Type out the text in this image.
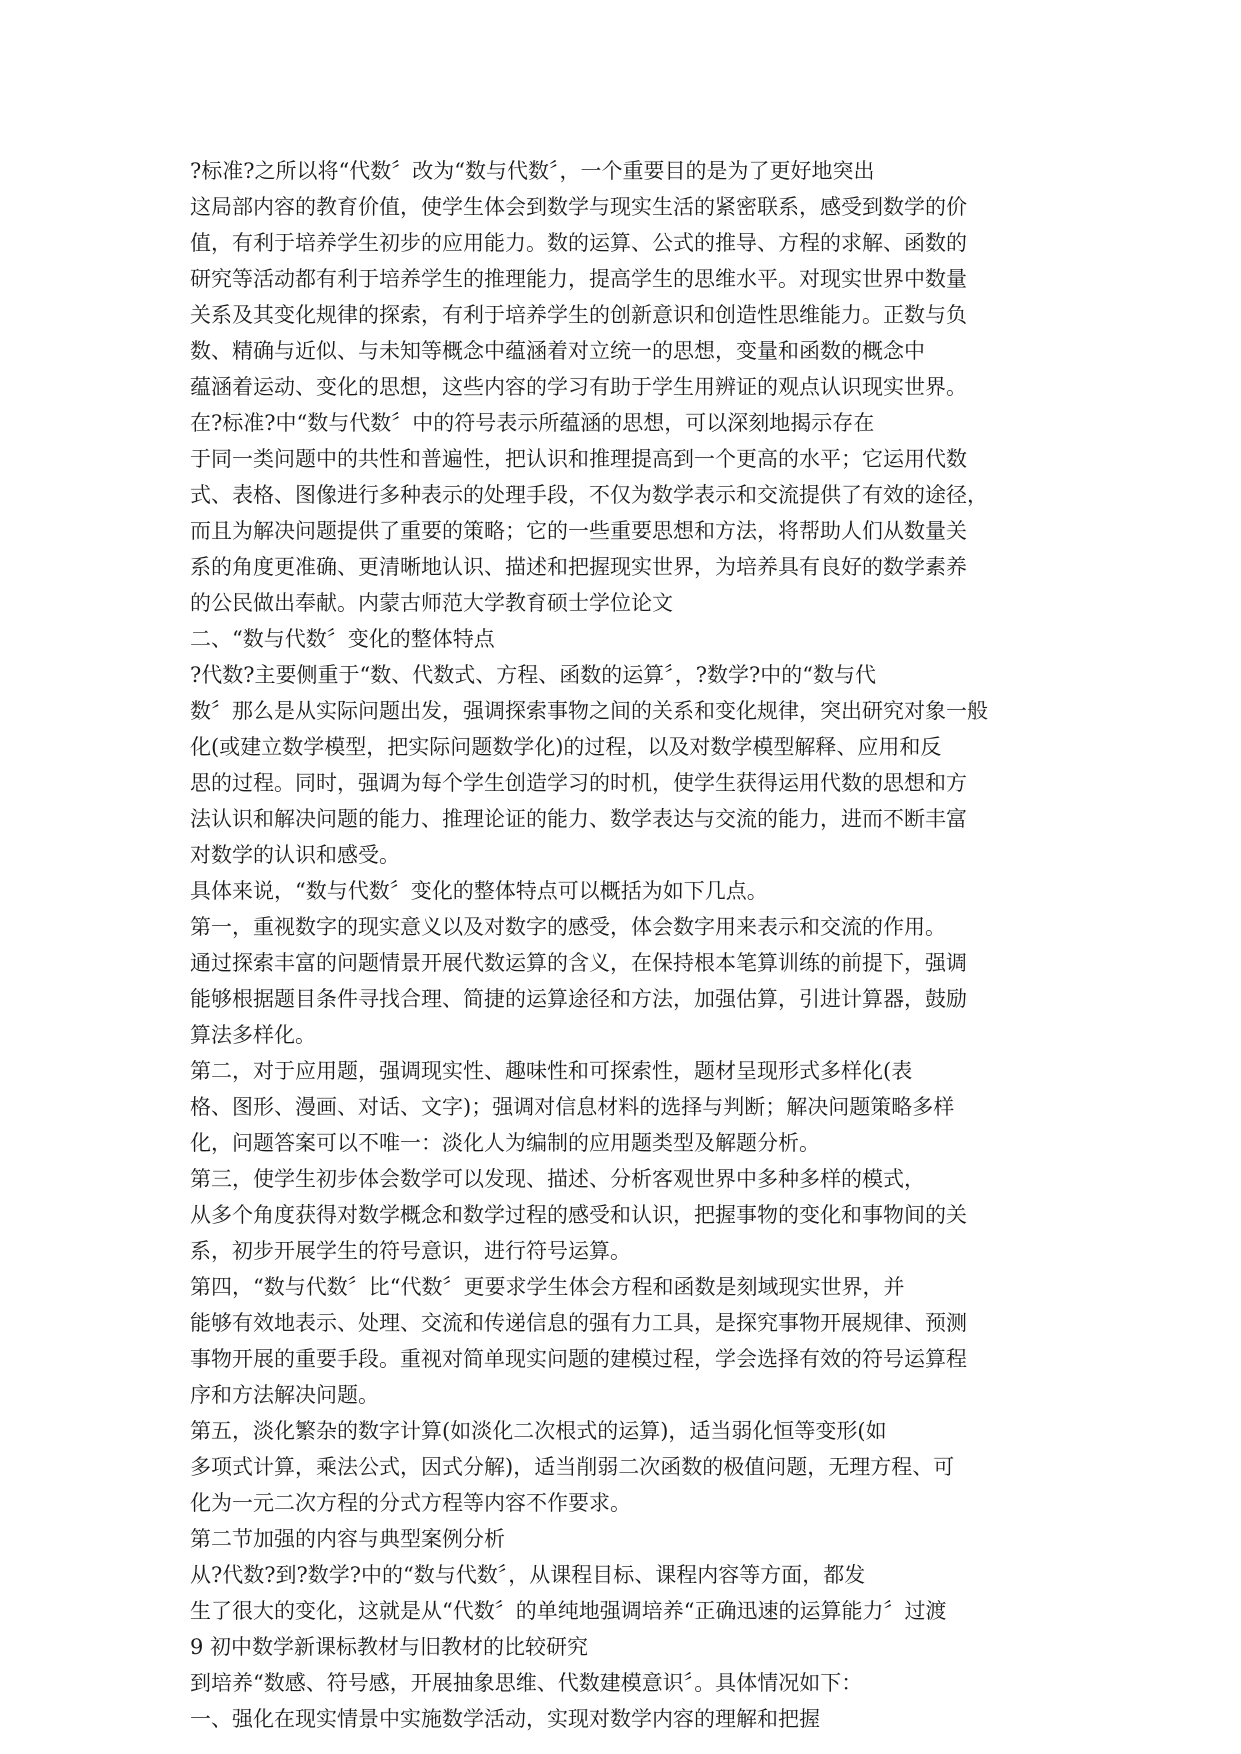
?标准?之所以将“代数〞改为“数与代数〞，一个重要目的是为了更好地突出
这局部内容的教育价值，使学生体会到数学与现实生活的紧密联系，感受到数学的价
值，有利于培养学生初步的应用能力。数的运算、公式的推导、方程的求解、函数的
研究等活动都有利于培养学生的推理能力，提高学生的思维水平。对现实世界中数量
关系及其变化规律的探索，有利于培养学生的创新意识和创造性思维能力。正数与负
数、精确与近似、与未知等概念中蕴涵着对立统一的思想，变量和函数的概念中
蕴涵着运动、变化的思想，这些内容的学习有助于学生用辨证的观点认识现实世界。
在?标准?中“数与代数〞中的符号表示所蕴涵的思想，可以深刻地揭示存在
于同一类问题中的共性和普遍性，把认识和推理提高到一个更高的水平；它运用代数
式、表格、图像进行多种表示的处理手段，不仅为数学表示和交流提供了有效的途径，
而且为解决问题提供了重要的策略；它的一些重要思想和方法，将帮助人们从数量关
系的角度更准确、更清晰地认识、描述和把握现实世界，为培养具有良好的数学素养
的公民做出奉献。内蒙古师范大学教育硕士学位论文
二、“数与代数〞变化的整体特点
?代数?主要侧重于“数、代数式、方程、函数的运算〞，?数学?中的“数与代
数〞那么是从实际问题出发，强调探索事物之间的关系和变化规律，突出研究对象一般
化(或建立数学模型，把实际问题数学化)的过程，以及对数学模型解释、应用和反
思的过程。同时，强调为每个学生创造学习的时机，使学生获得运用代数的思想和方
法认识和解决问题的能力、推理论证的能力、数学表达与交流的能力，进而不断丰富
对数学的认识和感受。
具体来说，“数与代数〞变化的整体特点可以概括为如下几点。
第一，重视数字的现实意义以及对数字的感受，体会数字用来表示和交流的作用。
通过探索丰富的问题情景开展代数运算的含义，在保持根本笔算训练的前提下，强调
能够根据题目条件寻找合理、简捷的运算途径和方法，加强估算，引进计算器，鼓励
算法多样化。
第二，对于应用题，强调现实性、趣味性和可探索性，题材呈现形式多样化(表
格、图形、漫画、对话、文字)；强调对信息材料的选择与判断；解决问题策略多样
化，问题答案可以不唯一：淡化人为编制的应用题类型及解题分析。
第三，使学生初步体会数学可以发现、描述、分析客观世界中多种多样的模式，
从多个角度获得对数学概念和数学过程的感受和认识，把握事物的变化和事物间的关
系，初步开展学生的符号意识，进行符号运算。
第四，“数与代数〞比“代数〞更要求学生体会方程和函数是刻域现实世界，并
能够有效地表示、处理、交流和传递信息的强有力工具，是探究事物开展规律、预测
事物开展的重要手段。重视对简单现实问题的建模过程，学会选择有效的符号运算程
序和方法解决问题。
第五，淡化繁杂的数字计算(如淡化二次根式的运算)，适当弱化恒等变形(如
多项式计算，乘法公式，因式分解)，适当削弱二次函数的极值问题，无理方程、可
化为一元二次方程的分式方程等内容不作要求。
第二节加强的内容与典型案例分析
从?代数?到?数学?中的“数与代数〞，从课程目标、课程内容等方面，都发
生了很大的变化，这就是从“代数〞的单纯地强调培养“正确迅速的运算能力〞过渡
9 初中数学新课标教材与旧教材的比较研究
到培养“数感、符号感，开展抽象思维、代数建模意识〞。具体情况如下：
一、强化在现实情景中实施数学活动，实现对数学内容的理解和把握
